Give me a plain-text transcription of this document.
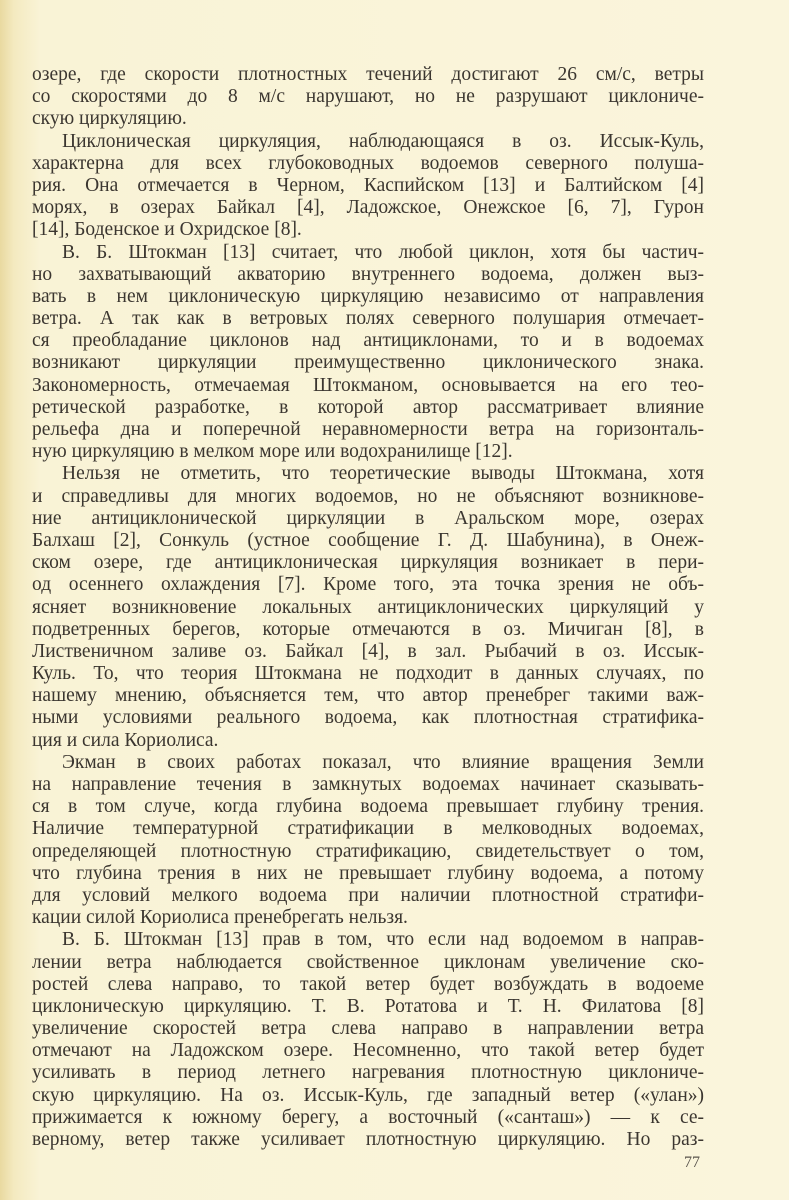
озере, где скорости плотностных течений достигают 26 см/с, ветры
со скоростями до 8 м/с нарушают, но не разрушают циклониче-
скую циркуляцию.
Циклоническая циркуляция, наблюдающаяся в оз. Иссык-Куль,
характерна для всех глубоководных водоемов северного полуша-
рия. Она отмечается в Черном, Каспийском [13] и Балтийском [4]
морях, в озерах Байкал [4], Ладожское, Онежское [6, 7], Гурон
[14], Боденское и Охридское [8].
В. Б. Штокман [13] считает, что любой циклон, хотя бы частич-
но захватывающий акваторию внутреннего водоема, должен выз-
вать в нем циклоническую циркуляцию независимо от направления
ветра. А так как в ветровых полях северного полушария отмечает-
ся преобладание циклонов над антициклонами, то и в водоемах
возникают циркуляции преимущественно циклонического знака.
Закономерность, отмечаемая Штокманом, основывается на его тео-
ретической разработке, в которой автор рассматривает влияние
рельефа дна и поперечной неравномерности ветра на горизонталь-
ную циркуляцию в мелком море или водохранилище [12].
Нельзя не отметить, что теоретические выводы Штокмана, хотя
и справедливы для многих водоемов, но не объясняют возникнове-
ние антициклонической циркуляции в Аральском море, озерах
Балхаш [2], Сонкуль (устное сообщение Г. Д. Шабунина), в Онеж-
ском озере, где антициклоническая циркуляция возникает в пери-
од осеннего охлаждения [7]. Кроме того, эта точка зрения не объ-
ясняет возникновение локальных антициклонических циркуляций у
подветренных берегов, которые отмечаются в оз. Мичиган [8], в
Лиственичном заливе оз. Байкал [4], в зал. Рыбачий в оз. Иссык-
Куль. То, что теория Штокмана не подходит в данных случаях, по
нашему мнению, объясняется тем, что автор пренебрег такими важ-
ными условиями реального водоема, как плотностная стратифика-
ция и сила Кориолиса.
Экман в своих работах показал, что влияние вращения Земли
на направление течения в замкнутых водоемах начинает сказывать-
ся в том случе, когда глубина водоема превышает глубину трения.
Наличие температурной стратификации в мелководных водоемах,
определяющей плотностную стратификацию, свидетельствует о том,
что глубина трения в них не превышает глубину водоема, а потому
для условий мелкого водоема при наличии плотностной стратифи-
кации силой Кориолиса пренебрегать нельзя.
В. Б. Штокман [13] прав в том, что если над водоемом в направ-
лении ветра наблюдается свойственное циклонам увеличение ско-
ростей слева направо, то такой ветер будет возбуждать в водоеме
циклоническую циркуляцию. Т. В. Ротатова и Т. Н. Филатова [8]
увеличение скоростей ветра слева направо в направлении ветра
отмечают на Ладожском озере. Несомненно, что такой ветер будет
усиливать в период летнего нагревания плотностную циклониче-
скую циркуляцию. На оз. Иссык-Куль, где западный ветер («улан»)
прижимается к южному берегу, а восточный («санташ») — к се-
верному, ветер также усиливает плотностную циркуляцию. Но раз-
77
